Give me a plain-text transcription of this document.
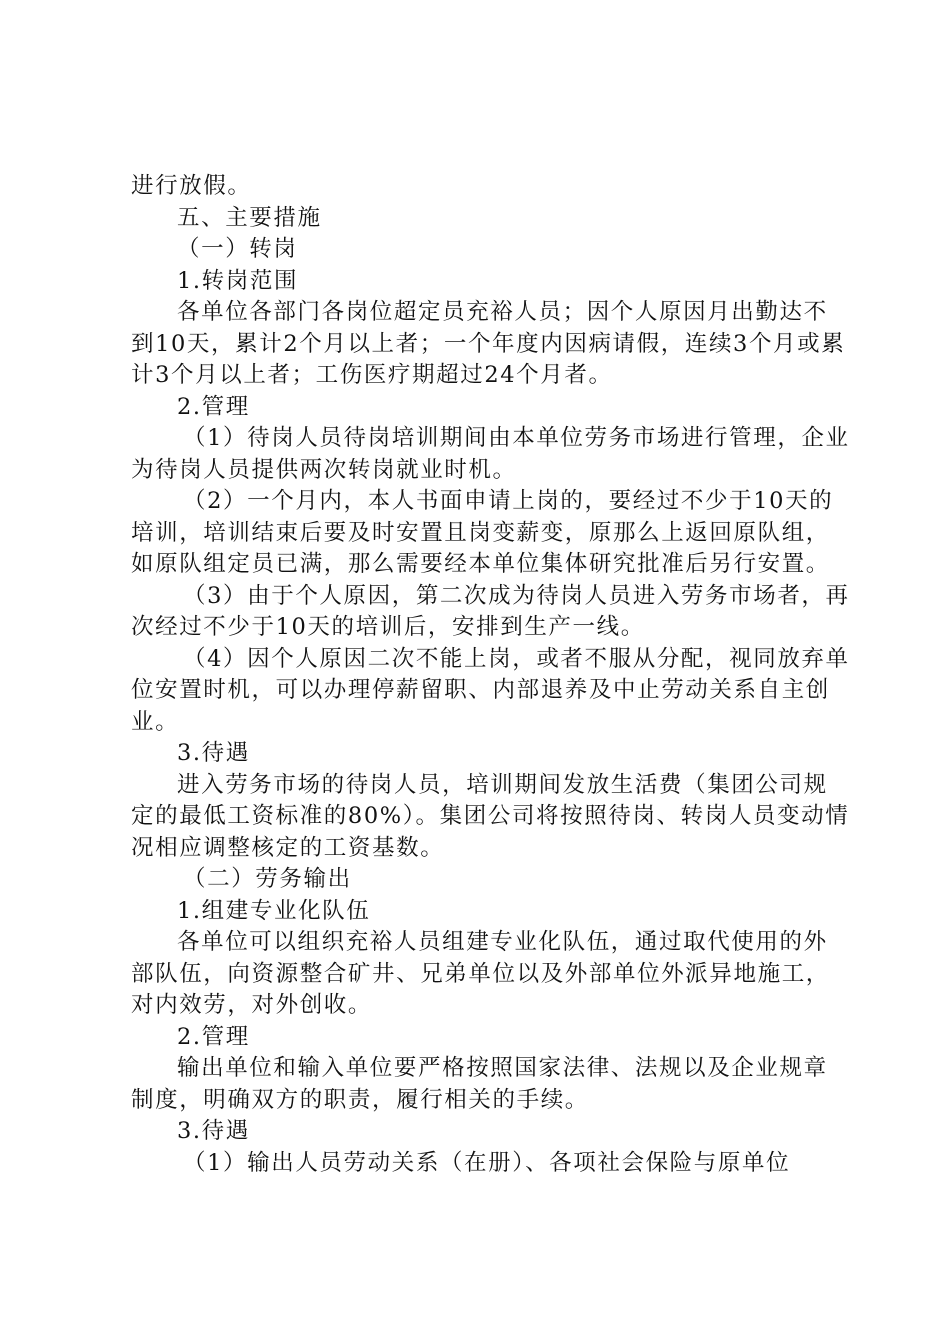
进行放假。

五、主要措施

（一）转岗

1.转岗范围

各单位各部门各岗位超定员充裕人员；因个人原因月出勤达不到10天，累计2个月以上者；一个年度内因病请假，连续3个月或累计3个月以上者；工伤医疗期超过24个月者。

2.管理

（1）待岗人员待岗培训期间由本单位劳务市场进行管理，企业为待岗人员提供两次转岗就业时机。

（2）一个月内，本人书面申请上岗的，要经过不少于10天的培训，培训结束后要及时安置且岗变薪变，原那么上返回原队组，如原队组定员已满，那么需要经本单位集体研究批准后另行安置。

（3）由于个人原因，第二次成为待岗人员进入劳务市场者，再次经过不少于10天的培训后，安排到生产一线。

（4）因个人原因二次不能上岗，或者不服从分配，视同放弃单位安置时机，可以办理停薪留职、内部退养及中止劳动关系自主创业。

3.待遇

进入劳务市场的待岗人员，培训期间发放生活费（集团公司规定的最低工资标准的80%）。集团公司将按照待岗、转岗人员变动情况相应调整核定的工资基数。

（二）劳务输出

1.组建专业化队伍

各单位可以组织充裕人员组建专业化队伍，通过取代使用的外部队伍，向资源整合矿井、兄弟单位以及外部单位外派异地施工，对内效劳，对外创收。

2.管理

输出单位和输入单位要严格按照国家法律、法规以及企业规章制度，明确双方的职责，履行相关的手续。

3.待遇

（1）输出人员劳动关系（在册）、各项社会保险与原单位
